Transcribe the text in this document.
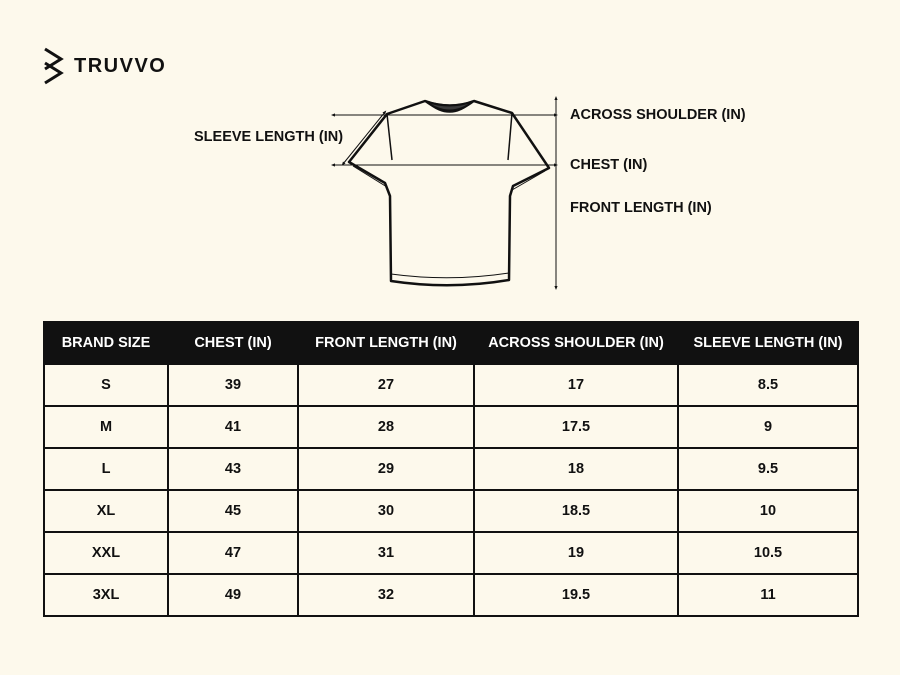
TRUVVO
SLEEVE LENGTH (IN)
ACROSS SHOULDER (IN)
CHEST (IN)
FRONT LENGTH (IN)
BRAND SIZE	CHEST (IN)	FRONT LENGTH (IN)	ACROSS SHOULDER (IN)	SLEEVE LENGTH (IN)
S	39	27	17	8.5
M	41	28	17.5	9
L	43	29	18	9.5
XL	45	30	18.5	10
XXL	47	31	19	10.5
3XL	49	32	19.5	11
